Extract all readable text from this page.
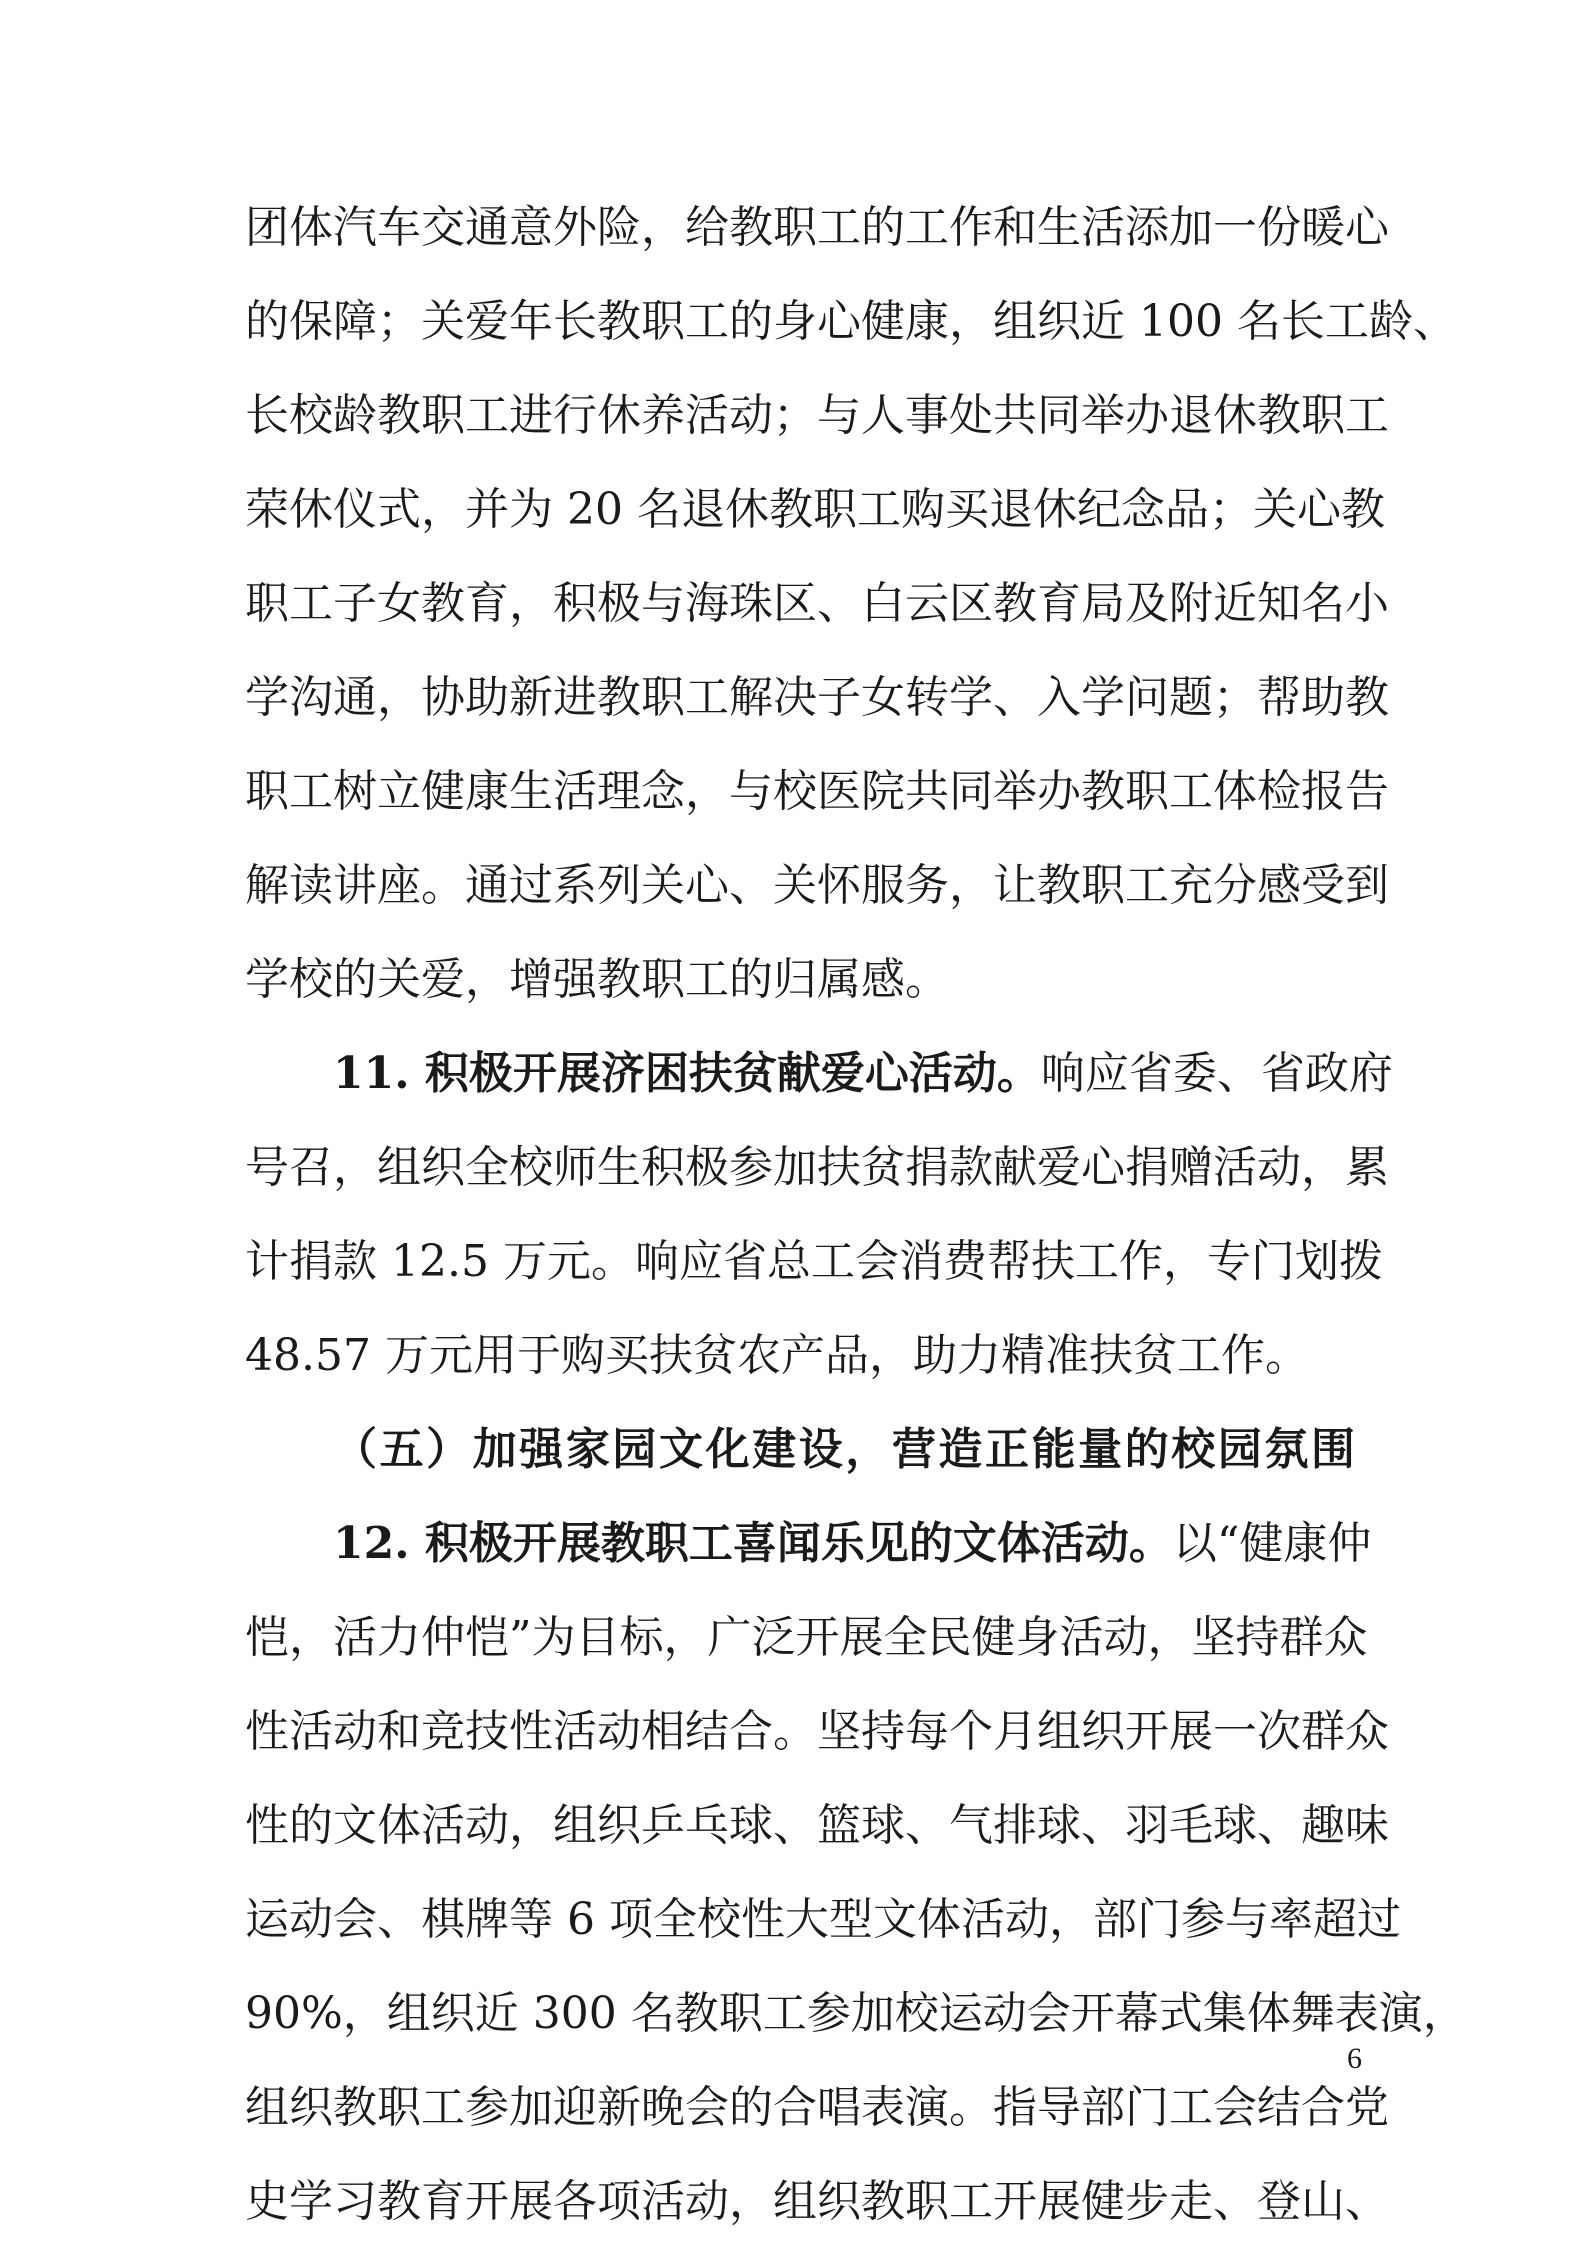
团体汽车交通意外险，给教职工的工作和生活添加一份暖心
的保障；关爱年长教职工的身心健康，组织近 100 名长工龄、
长校龄教职工进行休养活动；与人事处共同举办退休教职工
荣休仪式，并为 20 名退休教职工购买退休纪念品；关心教
职工子女教育，积极与海珠区、白云区教育局及附近知名小
学沟通，协助新进教职工解决子女转学、入学问题；帮助教
职工树立健康生活理念，与校医院共同举办教职工体检报告
解读讲座。通过系列关心、关怀服务，让教职工充分感受到
学校的关爱，增强教职工的归属感。
11. 积极开展济困扶贫献爱心活动。响应省委、省政府
号召，组织全校师生积极参加扶贫捐款献爱心捐赠活动，累
计捐款 12.5 万元。响应省总工会消费帮扶工作，专门划拨
48.57 万元用于购买扶贫农产品，助力精准扶贫工作。
（五）加强家园文化建设，营造正能量的校园氛围
12. 积极开展教职工喜闻乐见的文体活动。以“健康仲
恺，活力仲恺”为目标，广泛开展全民健身活动，坚持群众
性活动和竞技性活动相结合。坚持每个月组织开展一次群众
性的文体活动，组织乒乓球、篮球、气排球、羽毛球、趣味
运动会、棋牌等 6 项全校性大型文体活动，部门参与率超过
90%，组织近 300 名教职工参加校运动会开幕式集体舞表演，
组织教职工参加迎新晚会的合唱表演。指导部门工会结合党
史学习教育开展各项活动，组织教职工开展健步走、登山、
6
